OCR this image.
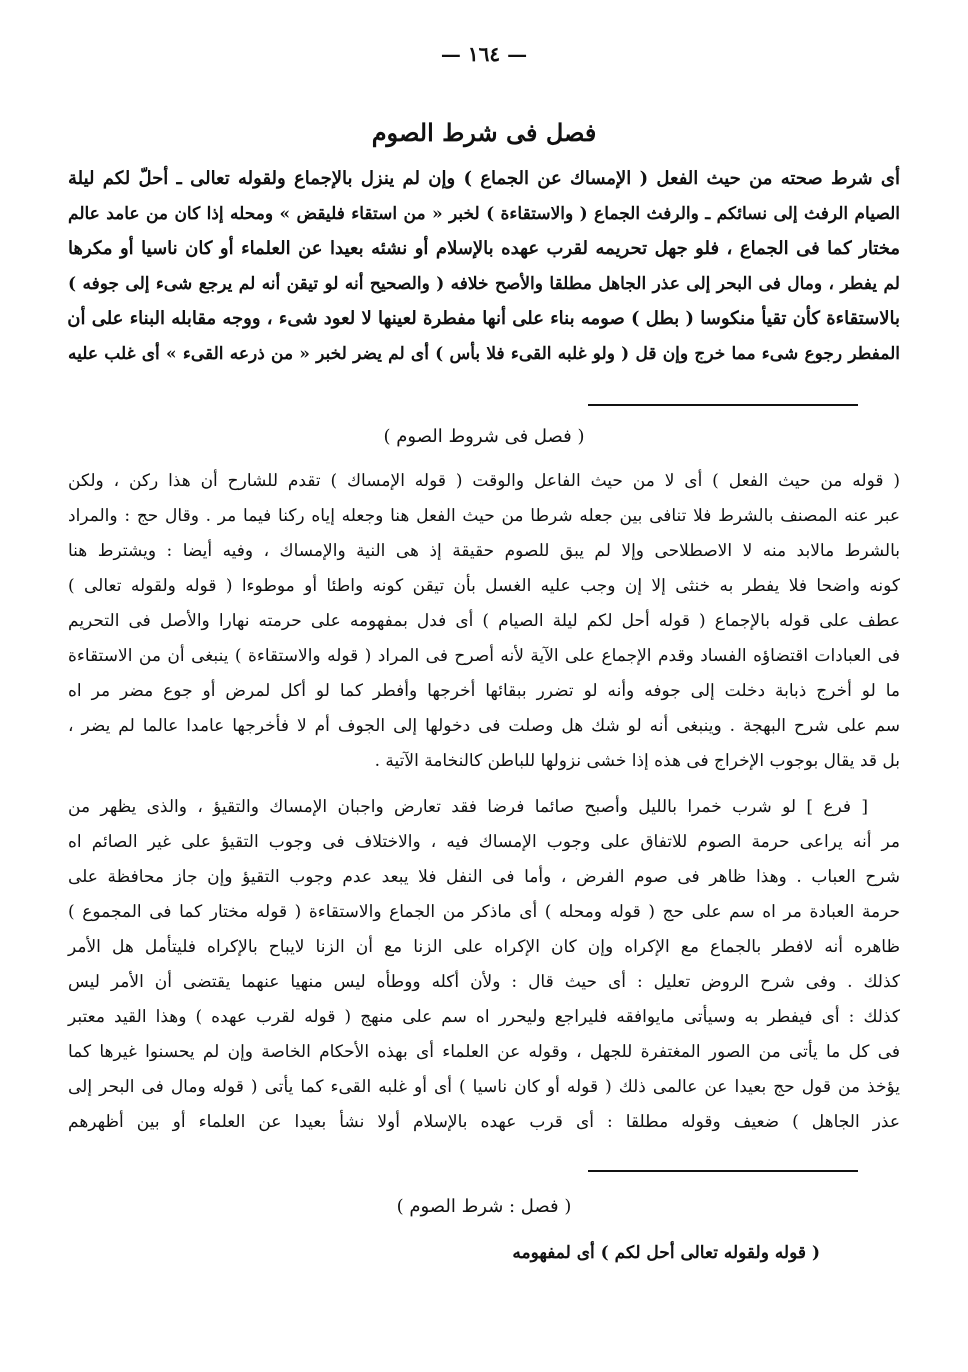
— ١٦٤ —
فصل فى شرط الصوم
أى شرط صحته من حيث الفعل ( الإمساك عن الجماع ) وإن لم ينزل بالإجماع ولقوله تعالى ـ أحلّ لكم ليلة
الصيام الرفث إلى نسائكم ـ والرفث الجماع ( والاستقاءة ) لخبر « من استقاء فليقض » ومحله إذا كان من عامد عالم
مختار كما فى الجماع ، فلو جهل تحريمه لقرب عهده بالإسلام أو نشئه بعيدا عن العلماء أو كان ناسيا أو مكرها
لم يفطر ، ومال فى البحر إلى عذر الجاهل مطلقا والأصح خلافه ( والصحيح أنه لو تيقن أنه لم يرجع شىء إلى جوفه )
بالاستقاءة كأن تقيأ منكوسا ( بطل ) صومه بناء على أنها مفطرة لعينها لا لعود شىء ، ووجه مقابله البناء على أن
المفطر رجوع شىء مما خرج وإن قل ( ولو غلبه القىء فلا بأس ) أى لم يضر لخبر « من ذرعه القىء » أى غلب عليه
( فصل فى شروط الصوم )
( قوله من حيث الفعل ) أى لا من حيث الفاعل والوقت ( قوله الإمساك ) تقدم للشارح أن هذا ركن ، ولكن
عبر عنه المصنف بالشرط فلا تنافى بين جعله شرطا من حيث الفعل هنا وجعله إياه ركنا فيما مر . وقال حج : والمراد
بالشرط مالابد منه لا الاصطلاحى وإلا لم يبق للصوم حقيقة إذ هى النية والإمساك ، وفيه أيضا : ويشترط هنا
كونه واضحا فلا يفطر به خنثى إلا إن وجب عليه الغسل بأن تيقن كونه واطئا أو موطوءا ( قوله ولقوله تعالى )
عطف على قوله بالإجماع ( قوله أحل لكم ليلة الصيام ) أى فدل بمفهومه على حرمته نهارا والأصل فى التحريم
فى العبادات اقتضاؤه الفساد وقدم الإجماع على الآية لأنه أصرح فى المراد ( قوله والاستقاءة ) ينبغى أن من الاستقاءة
ما لو أخرج ذبابة دخلت إلى جوفه وأنه لو تضرر ببقائها أخرجها وأفطر كما لو أكل لمرض أو جوع مضر مر اه
سم على شرح البهجة . وينبغى أنه لو شك هل وصلت فى دخولها إلى الجوف أم لا فأخرجها عامدا عالما لم يضر ،
بل قد يقال بوجوب الإخراج فى هذه إذا خشى نزولها للباطن كالنخامة الآتية .
[ فرع ] لو شرب خمرا بالليل وأصبح صائما فرضا فقد تعارض واجبان الإمساك والتقيؤ ، والذى يظهر من
مر أنه يراعى حرمة الصوم للاتفاق على وجوب الإمساك فيه ، والاختلاف فى وجوب التقيؤ على غير الصائم اه
شرح العباب . وهذا ظاهر فى صوم الفرض ، وأما فى النفل فلا يبعد عدم وجوب التقيؤ وإن جاز محافظة على
حرمة العبادة مر اه سم على حج ( قوله ومحله ) أى ماذكر من الجماع والاستقاءة ( قوله مختار كما فى المجموع )
ظاهره أنه لافطر بالجماع مع الإكراه وإن كان الإكراه على الزنا مع أن الزنا لايباح بالإكراه فليتأمل هل الأمر
كذلك . وفى شرح الروض تعليل : أى حيث قال : ولأن أكله ووطأه ليس منهيا عنهما يقتضى أن الأمر ليس
كذلك : أى فيفطر به وسيأتى مايوافقه فليراجع وليحرر اه سم على منهج ( قوله لقرب عهده ) وهذا القيد معتبر
فى كل ما يأتى من الصور المغتفرة للجهل ، وقوله عن العلماء أى بهذه الأحكام الخاصة وإن لم يحسنوا غيرها كما
يؤخذ من قول حج بعيدا عن عالمى ذلك ( قوله أو كان ناسيا ) أى أو غلبه القىء كما يأتى ( قوله ومال فى البحر إلى
عذر الجاهل ) ضعيف وقوله مطلقا : أى قرب عهده بالإسلام أولا نشأ بعيدا عن العلماء أو بين أظهرهم
( فصل : شرط الصوم )
( قوله ولقوله تعالى أحل لكم ) أى لمفهومه
